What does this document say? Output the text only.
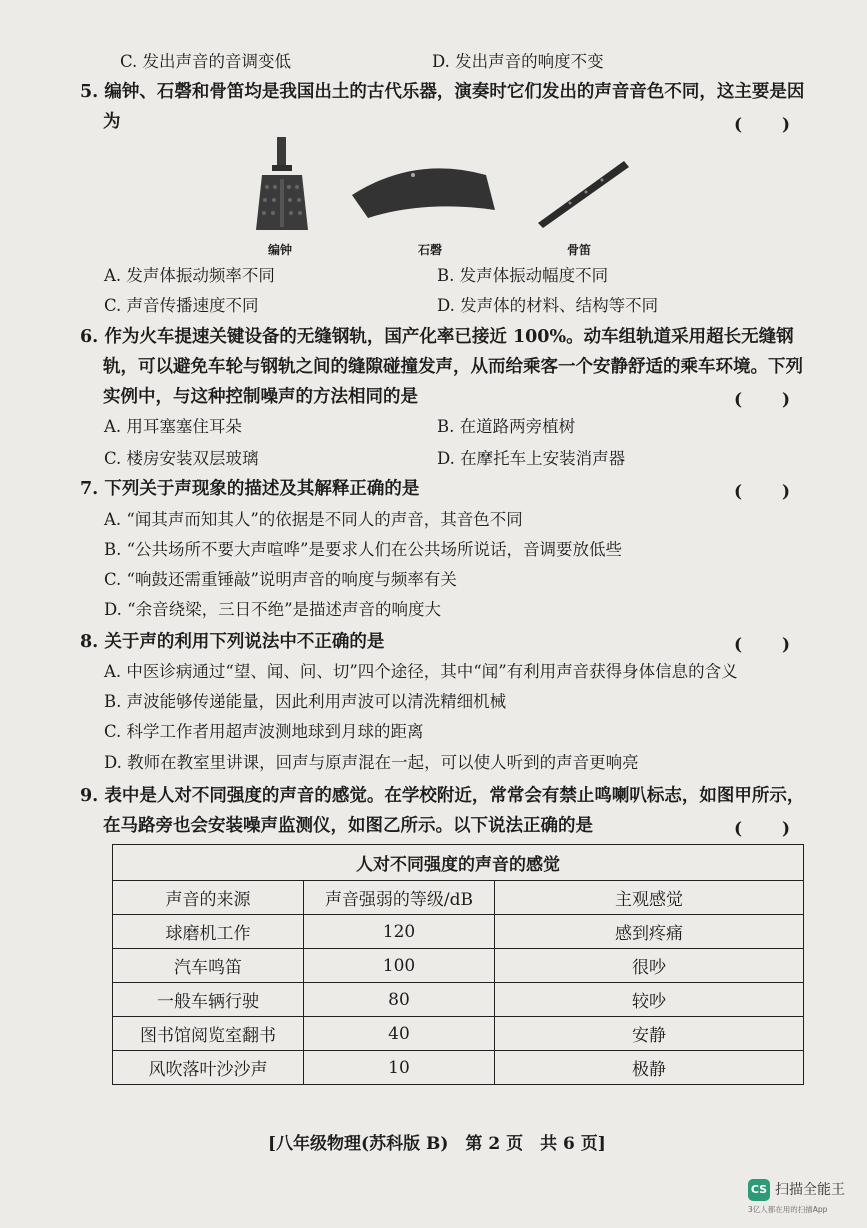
C. 发出声音的音调变低	D. 发出声音的响度不变
5. 编钟、石磬和骨笛均是我国出土的古代乐器，演奏时它们发出的声音音色不同，这主要是因
为	(　　)
编钟	石磬	骨笛
A. 发声体振动频率不同	B. 发声体振动幅度不同
C. 声音传播速度不同	D. 发声体的材料、结构等不同
6. 作为火车提速关键设备的无缝钢轨，国产化率已接近 100%。动车组轨道采用超长无缝钢
轨，可以避免车轮与钢轨之间的缝隙碰撞发声，从而给乘客一个安静舒适的乘车环境。下列
实例中，与这种控制噪声的方法相同的是	(　　)
A. 用耳塞塞住耳朵	B. 在道路两旁植树
C. 楼房安装双层玻璃	D. 在摩托车上安装消声器
7. 下列关于声现象的描述及其解释正确的是	(　　)
A. “闻其声而知其人”的依据是不同人的声音，其音色不同
B. “公共场所不要大声喧哗”是要求人们在公共场所说话，音调要放低些
C. “响鼓还需重锤敲”说明声音的响度与频率有关
D. “余音绕梁，三日不绝”是描述声音的响度大
8. 关于声的利用下列说法中不正确的是	(　　)
A. 中医诊病通过“望、闻、问、切”四个途径，其中“闻”有利用声音获得身体信息的含义
B. 声波能够传递能量，因此利用声波可以清洗精细机械
C. 科学工作者用超声波测地球到月球的距离
D. 教师在教室里讲课，回声与原声混在一起，可以使人听到的声音更响亮
9. 表中是人对不同强度的声音的感觉。在学校附近，常常会有禁止鸣喇叭标志，如图甲所示，
在马路旁也会安装噪声监测仪，如图乙所示。以下说法正确的是	(　　)
人对不同强度的声音的感觉		
声音的来源	声音强弱的等级/dB	主观感觉
球磨机工作	120	感到疼痛
汽车鸣笛	100	很吵
一般车辆行驶	80	较吵
图书馆阅览室翻书	40	安静
风吹落叶沙沙声	10	极静
[八年级物理(苏科版 B)　第 2 页　共 6 页]
CS 扫描全能王
3亿人都在用的扫描App
